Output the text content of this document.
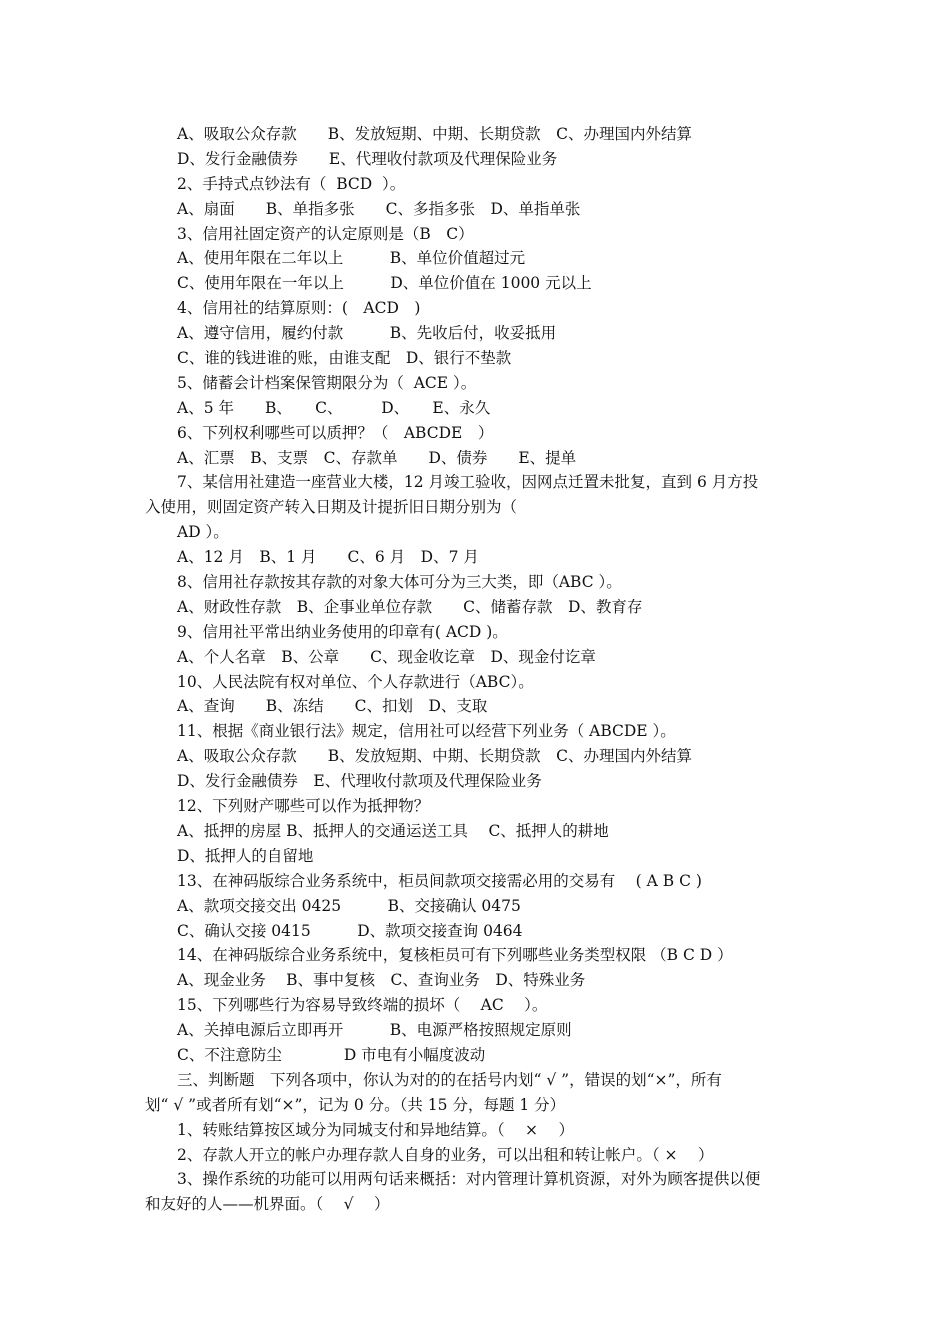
A、吸取公众存款　　B、发放短期、中期、长期贷款　C、办理国内外结算
D、发行金融债券　　E、代理收付款项及代理保险业务
2、手持式点钞法有（  BCD  ）。
A、扇面　　B、单指多张　　C、多指多张　D、单指单张
3、信用社固定资产的认定原则是（B　C）
A、使用年限在二年以上　　　B、单位价值超过元
C、使用年限在一年以上　　　D、单位价值在 1000 元以上
4、信用社的结算原则：(　ACD　)
A、遵守信用，履约付款　　　B、先收后付，收妥抵用
C、谁的钱进谁的账，由谁支配　D、银行不垫款
5、储蓄会计档案保管期限分为（  ACE ）。
A、5 年　　B、　　C、　　　D、　　E、永久
6、下列权利哪些可以质押？（　ABCDE　）
A、汇票　B、支票　C、存款单　　D、债券　　E、提单
7、某信用社建造一座营业大楼，12 月竣工验收，因网点迁置未批复，直到 6 月方投
入使用，则固定资产转入日期及计提折旧日期分别为（
AD ）。
A、12 月　B、1 月　　C、6 月　D、7 月
8、信用社存款按其存款的对象大体可分为三大类，即（ABC ）。
A、财政性存款　B、企事业单位存款　　C、储蓄存款　D、教育存
9、信用社平常出纳业务使用的印章有( ACD )。
A、个人名章　B、公章　　C、现金收讫章　D、现金付讫章
10、人民法院有权对单位、个人存款进行（ABC）。
A、查询　　B、冻结　　C、扣划　D、支取
11、根据《商业银行法》规定，信用社可以经营下列业务（ ABCDE ）。
A、吸取公众存款　　B、发放短期、中期、长期贷款　C、办理国内外结算
D、发行金融债券　E、代理收付款项及代理保险业务
12、下列财产哪些可以作为抵押物？
A、抵押的房屋 B、抵押人的交通运送工具　 C、抵押人的耕地
D、抵押人的自留地
13、在神码版综合业务系统中，柜员间款项交接需必用的交易有　 ( A B C )
A、款项交接交出 0425　　　B、交接确认 0475
C、确认交接 0415　　　D、款项交接查询 0464
14、在神码版综合业务系统中，复核柜员可有下列哪些业务类型权限 （B C D ）
A、现金业务　 B、事中复核　C、查询业务　D、特殊业务
15、下列哪些行为容易导致终端的损坏（　 AC　 ）。
A、关掉电源后立即再开　　　B、电源严格按照规定原则
C、不注意防尘　　　　D 市电有小幅度波动
三、判断题　下列各项中，你认为对的的在括号内划“ √ ”，错误的划“×”，所有
划“ √ ”或者所有划“×”，记为 0 分。（共 15 分，每题 1 分）
1、转账结算按区域分为同城支付和异地结算。（　 ×　 ）
2、存款人开立的帐户办理存款人自身的业务，可以出租和转让帐户。（ ×　 ）
3、操作系统的功能可以用两句话来概括：对内管理计算机资源，对外为顾客提供以便
和友好的人——机界面。（　 √　 ）
